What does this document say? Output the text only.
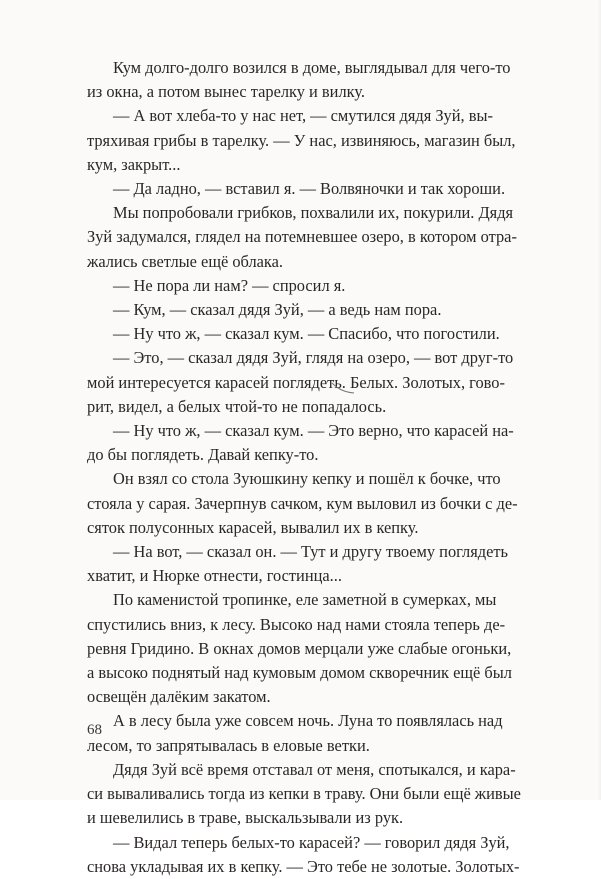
Кум долго-долго возился в доме, выглядывал для чего-то
из окна, а потом вынес тарелку и вилку.

— А вот хлеба-то у нас нет, — смутился дядя Зуй, вы-
тряхивая грибы в тарелку. — У нас, извиняюсь, магазин был,
кум, закрыт...

— Да ладно, — вставил я. — Волвяночки и так хороши.

Мы попробовали грибков, похвалили их, покурили. Дядя
Зуй задумался, глядел на потемневшее озеро, в котором отра-
жались светлые ещё облака.

— Не пора ли нам? — спросил я.

— Кум, — сказал дядя Зуй, — а ведь нам пора.

— Ну что ж, — сказал кум. — Спасибо, что погостили.

— Это, — сказал дядя Зуй, глядя на озеро, — вот друг-то
мой интересуется карасей поглядеть. Белых. Золотых, гово-
рит, видел, а белых чтой-то не попадалось.

— Ну что ж, — сказал кум. — Это верно, что карасей на-
до бы поглядеть. Давай кепку-то.

Он взял со стола Зуюшкину кепку и пошёл к бочке, что
стояла у сарая. Зачерпнув сачком, кум выловил из бочки с дe-
сяток полусонных карасей, вывалил их в кепку.

— На вот, — сказал он. — Тут и другу твоему поглядеть
хватит, и Нюрке отнести, гостинца...

По каменистой тропинке, еле заметной в сумерках, мы
спустились вниз, к лесу. Высоко над нами стояла теперь де-
ревня Гридино. В окнах домов мерцали уже слабые огоньки,
а высоко поднятый над кумовым домом скворечник ещё был
освещён далёким закатом.

А в лесу была уже совсем ночь. Луна то появлялась над
лесом, то запрятывалась в еловые ветки.

Дядя Зуй всё время отставал от меня, спотыкался, и кара-
си вываливались тогда из кепки в траву. Они были ещё живые
и шевелились в траве, выскальзывали из рук.

— Видал теперь белых-то карасей? — говорил дядя Зуй,
снова укладывая их в кепку. — Это тебе не золотые. Золотых-

68
